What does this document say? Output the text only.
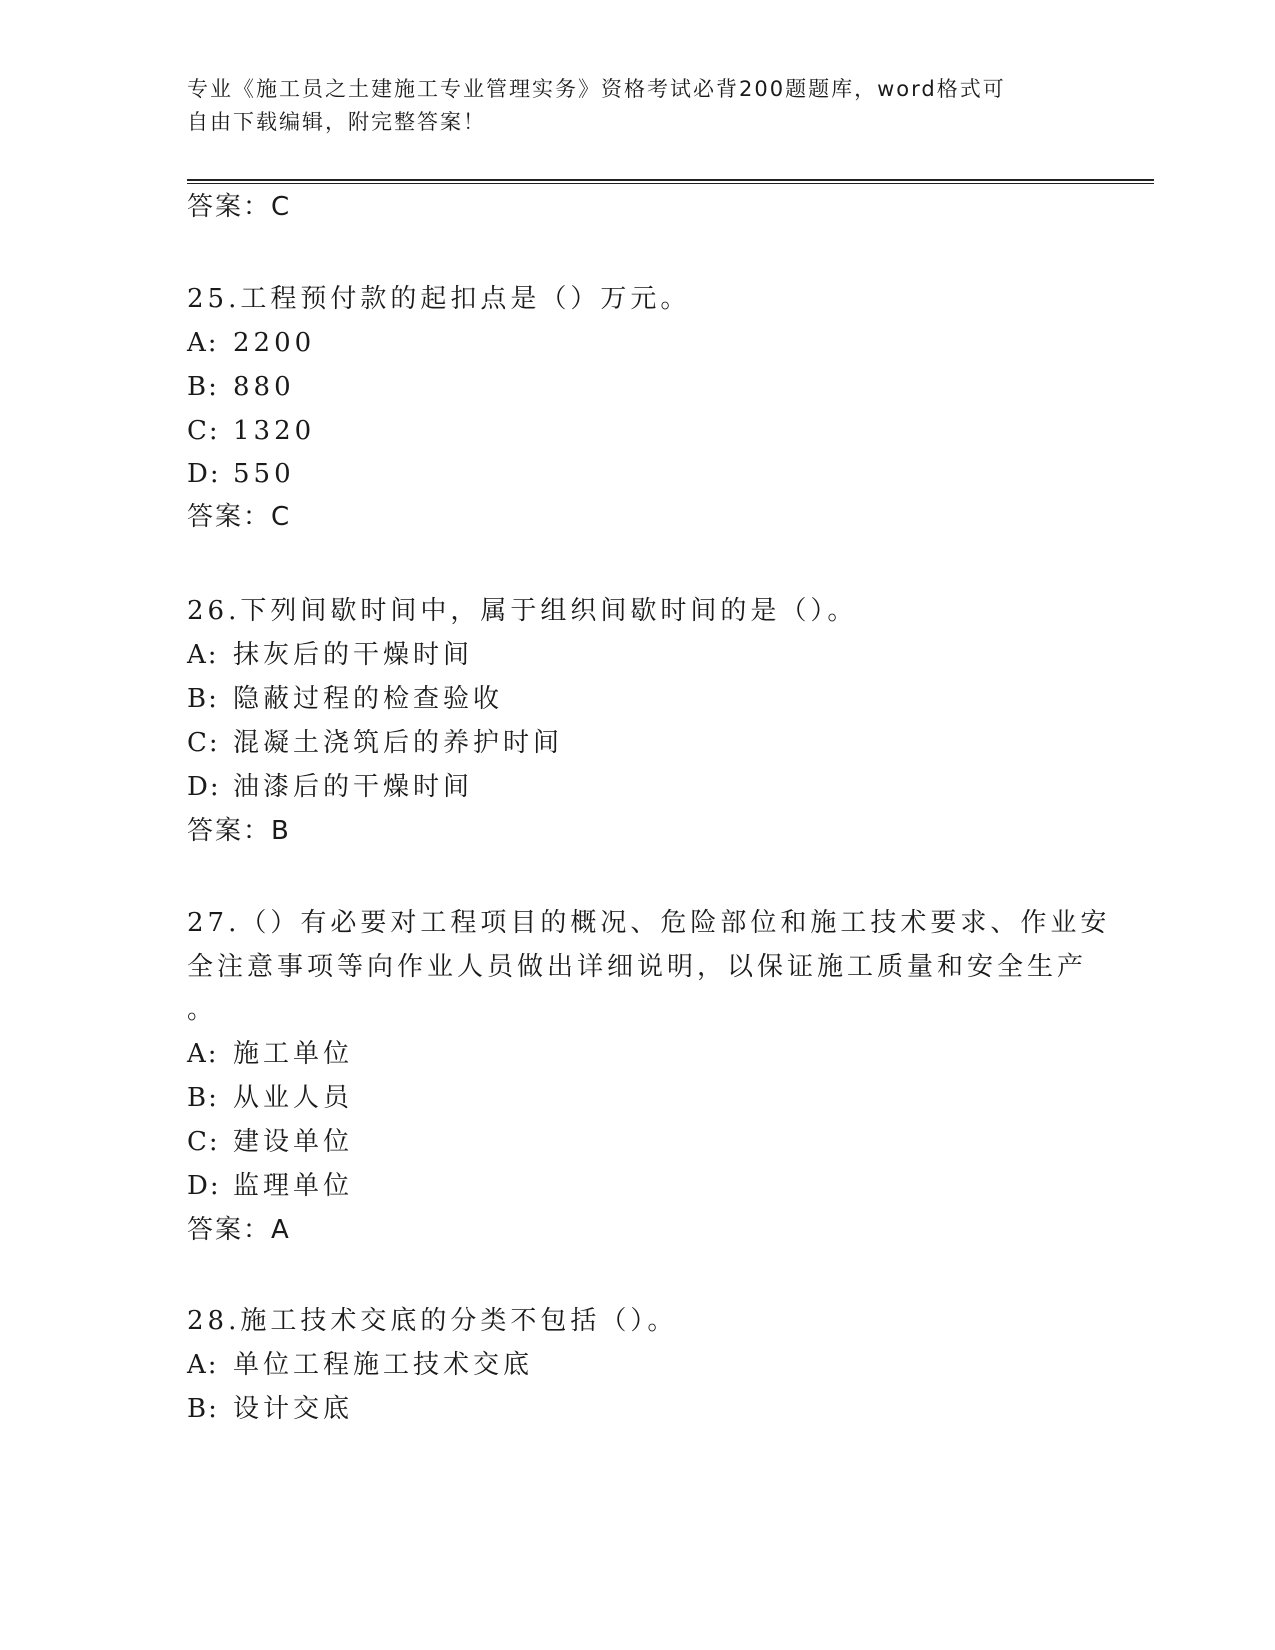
专业《施工员之土建施工专业管理实务》资格考试必背200题题库，word格式可
自由下载编辑，附完整答案！
答案：C
25.工程预付款的起扣点是（）万元。
A: 2200
B: 880
C: 1320
D: 550
答案：C
26.下列间歇时间中，属于组织间歇时间的是（）。
A: 抹灰后的干燥时间
B: 隐蔽过程的检查验收
C: 混凝土浇筑后的养护时间
D: 油漆后的干燥时间
答案：B
27.（）有必要对工程项目的概况、危险部位和施工技术要求、作业安
全注意事项等向作业人员做出详细说明，以保证施工质量和安全生产
。
A: 施工单位
B: 从业人员
C: 建设单位
D: 监理单位
答案：A
28.施工技术交底的分类不包括（）。
A: 单位工程施工技术交底
B: 设计交底
